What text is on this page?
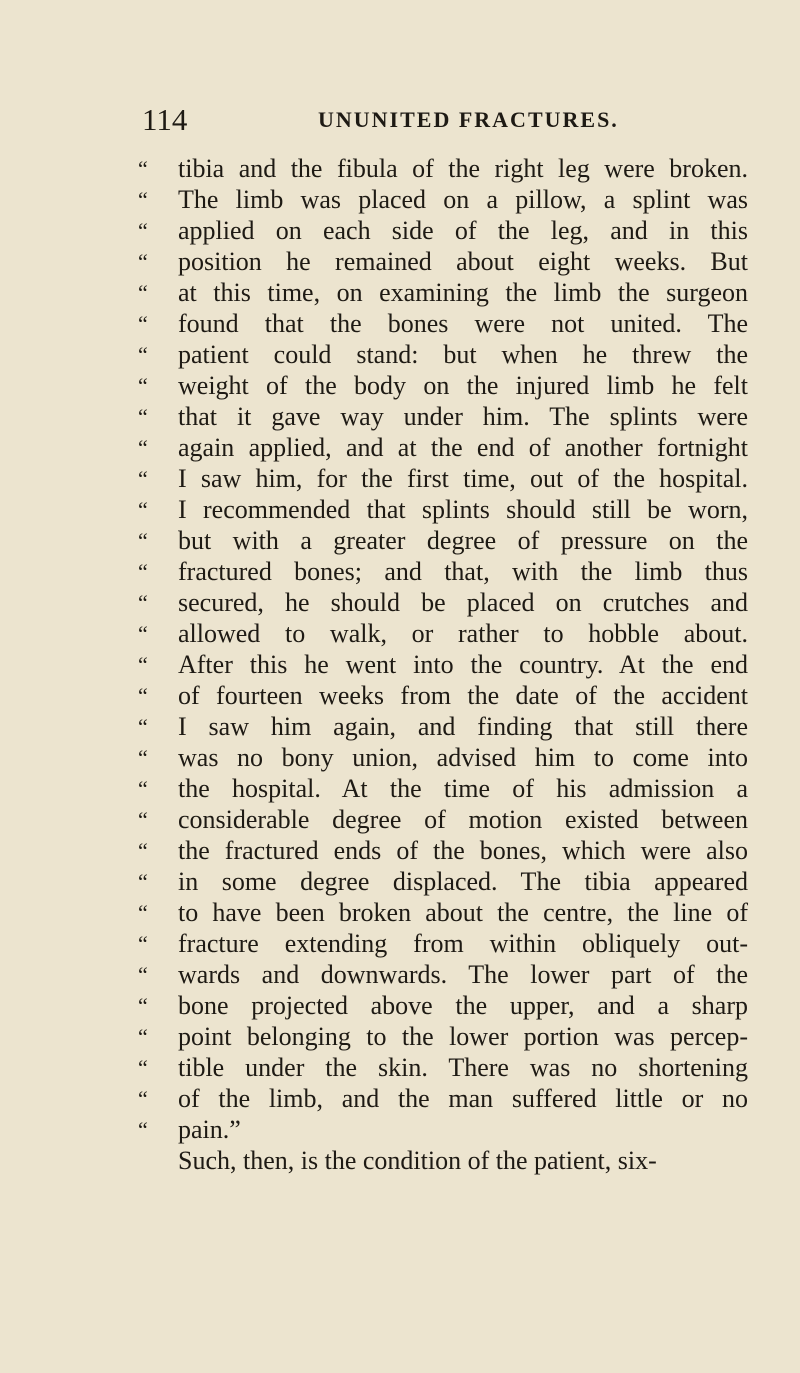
114	UNUNITED FRACTURES.
“	tibia and the fibula of the right leg were broken.
“	The limb was placed on a pillow, a splint was
“	applied on each side of the leg, and in this
“	position he remained about eight weeks. But
“	at this time, on examining the limb the surgeon
“	found that the bones were not united. The
“	patient could stand: but when he threw the
“	weight of the body on the injured limb he felt
“	that it gave way under him. The splints were
“	again applied, and at the end of another fortnight
“	I saw him, for the first time, out of the hospital.
“	I recommended that splints should still be worn,
“	but with a greater degree of pressure on the
“	fractured bones; and that, with the limb thus
“	secured, he should be placed on crutches and
“	allowed to walk, or rather to hobble about.
“	After this he went into the country. At the end
“	of fourteen weeks from the date of the accident
“	I saw him again, and finding that still there
“	was no bony union, advised him to come into
“	the hospital. At the time of his admission a
“	considerable degree of motion existed between
“	the fractured ends of the bones, which were also
“	in some degree displaced. The tibia appeared
“	to have been broken about the centre, the line of
“	fracture extending from within obliquely out-
“	wards and downwards. The lower part of the
“	bone projected above the upper, and a sharp
“	point belonging to the lower portion was percep-
“	tible under the skin. There was no shortening
“	of the limb, and the man suffered little or no
“	pain.”
Such, then, is the condition of the patient, six-
